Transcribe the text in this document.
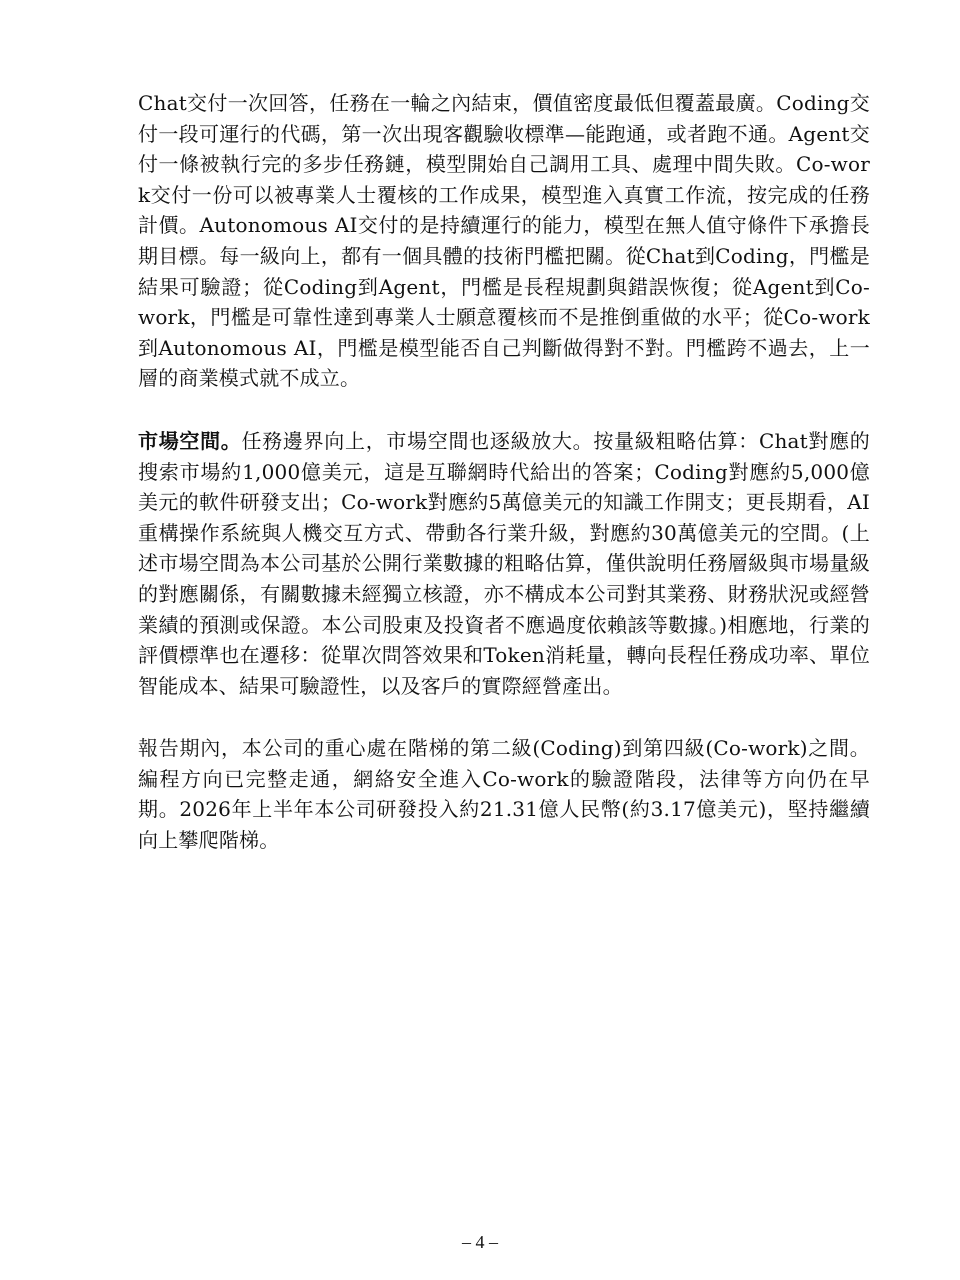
Chat交付一次回答，任務在一輪之內結束，價值密度最低但覆蓋最廣。Coding交付一段可運行的代碼，第一次出現客觀驗收標準—能跑通，或者跑不通。Agent交付一條被執行完的多步任務鏈，模型開始自己調用工具、處理中間失敗。Co-work交付一份可以被專業人士覆核的工作成果，模型進入真實工作流，按完成的任務計價。Autonomous AI交付的是持續運行的能力，模型在無人值守條件下承擔長期目標。每一級向上，都有一個具體的技術門檻把關。從Chat到Coding，門檻是結果可驗證；從Coding到Agent，門檻是長程規劃與錯誤恢復；從Agent到Co-work，門檻是可靠性達到專業人士願意覆核而不是推倒重做的水平；從Co-work到Autonomous AI，門檻是模型能否自己判斷做得對不對。門檻跨不過去，上一層的商業模式就不成立。

市場空間。任務邊界向上，市場空間也逐級放大。按量級粗略估算：Chat對應的搜索市場約1,000億美元，這是互聯網時代給出的答案；Coding對應約5,000億美元的軟件研發支出；Co-work對應約5萬億美元的知識工作開支；更長期看，AI重構操作系統與人機交互方式、帶動各行業升級，對應約30萬億美元的空間。(上述市場空間為本公司基於公開行業數據的粗略估算，僅供說明任務層級與市場量級的對應關係，有關數據未經獨立核證，亦不構成本公司對其業務、財務狀況或經營業績的預測或保證。本公司股東及投資者不應過度依賴該等數據。)相應地，行業的評價標準也在遷移：從單次問答效果和Token消耗量，轉向長程任務成功率、單位智能成本、結果可驗證性，以及客戶的實際經營產出。

報告期內，本公司的重心處在階梯的第二級(Coding)到第四級(Co-work)之間。編程方向已完整走通，網絡安全進入Co-work的驗證階段，法律等方向仍在早期。2026年上半年本公司研發投入約21.31億人民幣(約3.17億美元)，堅持繼續向上攀爬階梯。

– 4 –
